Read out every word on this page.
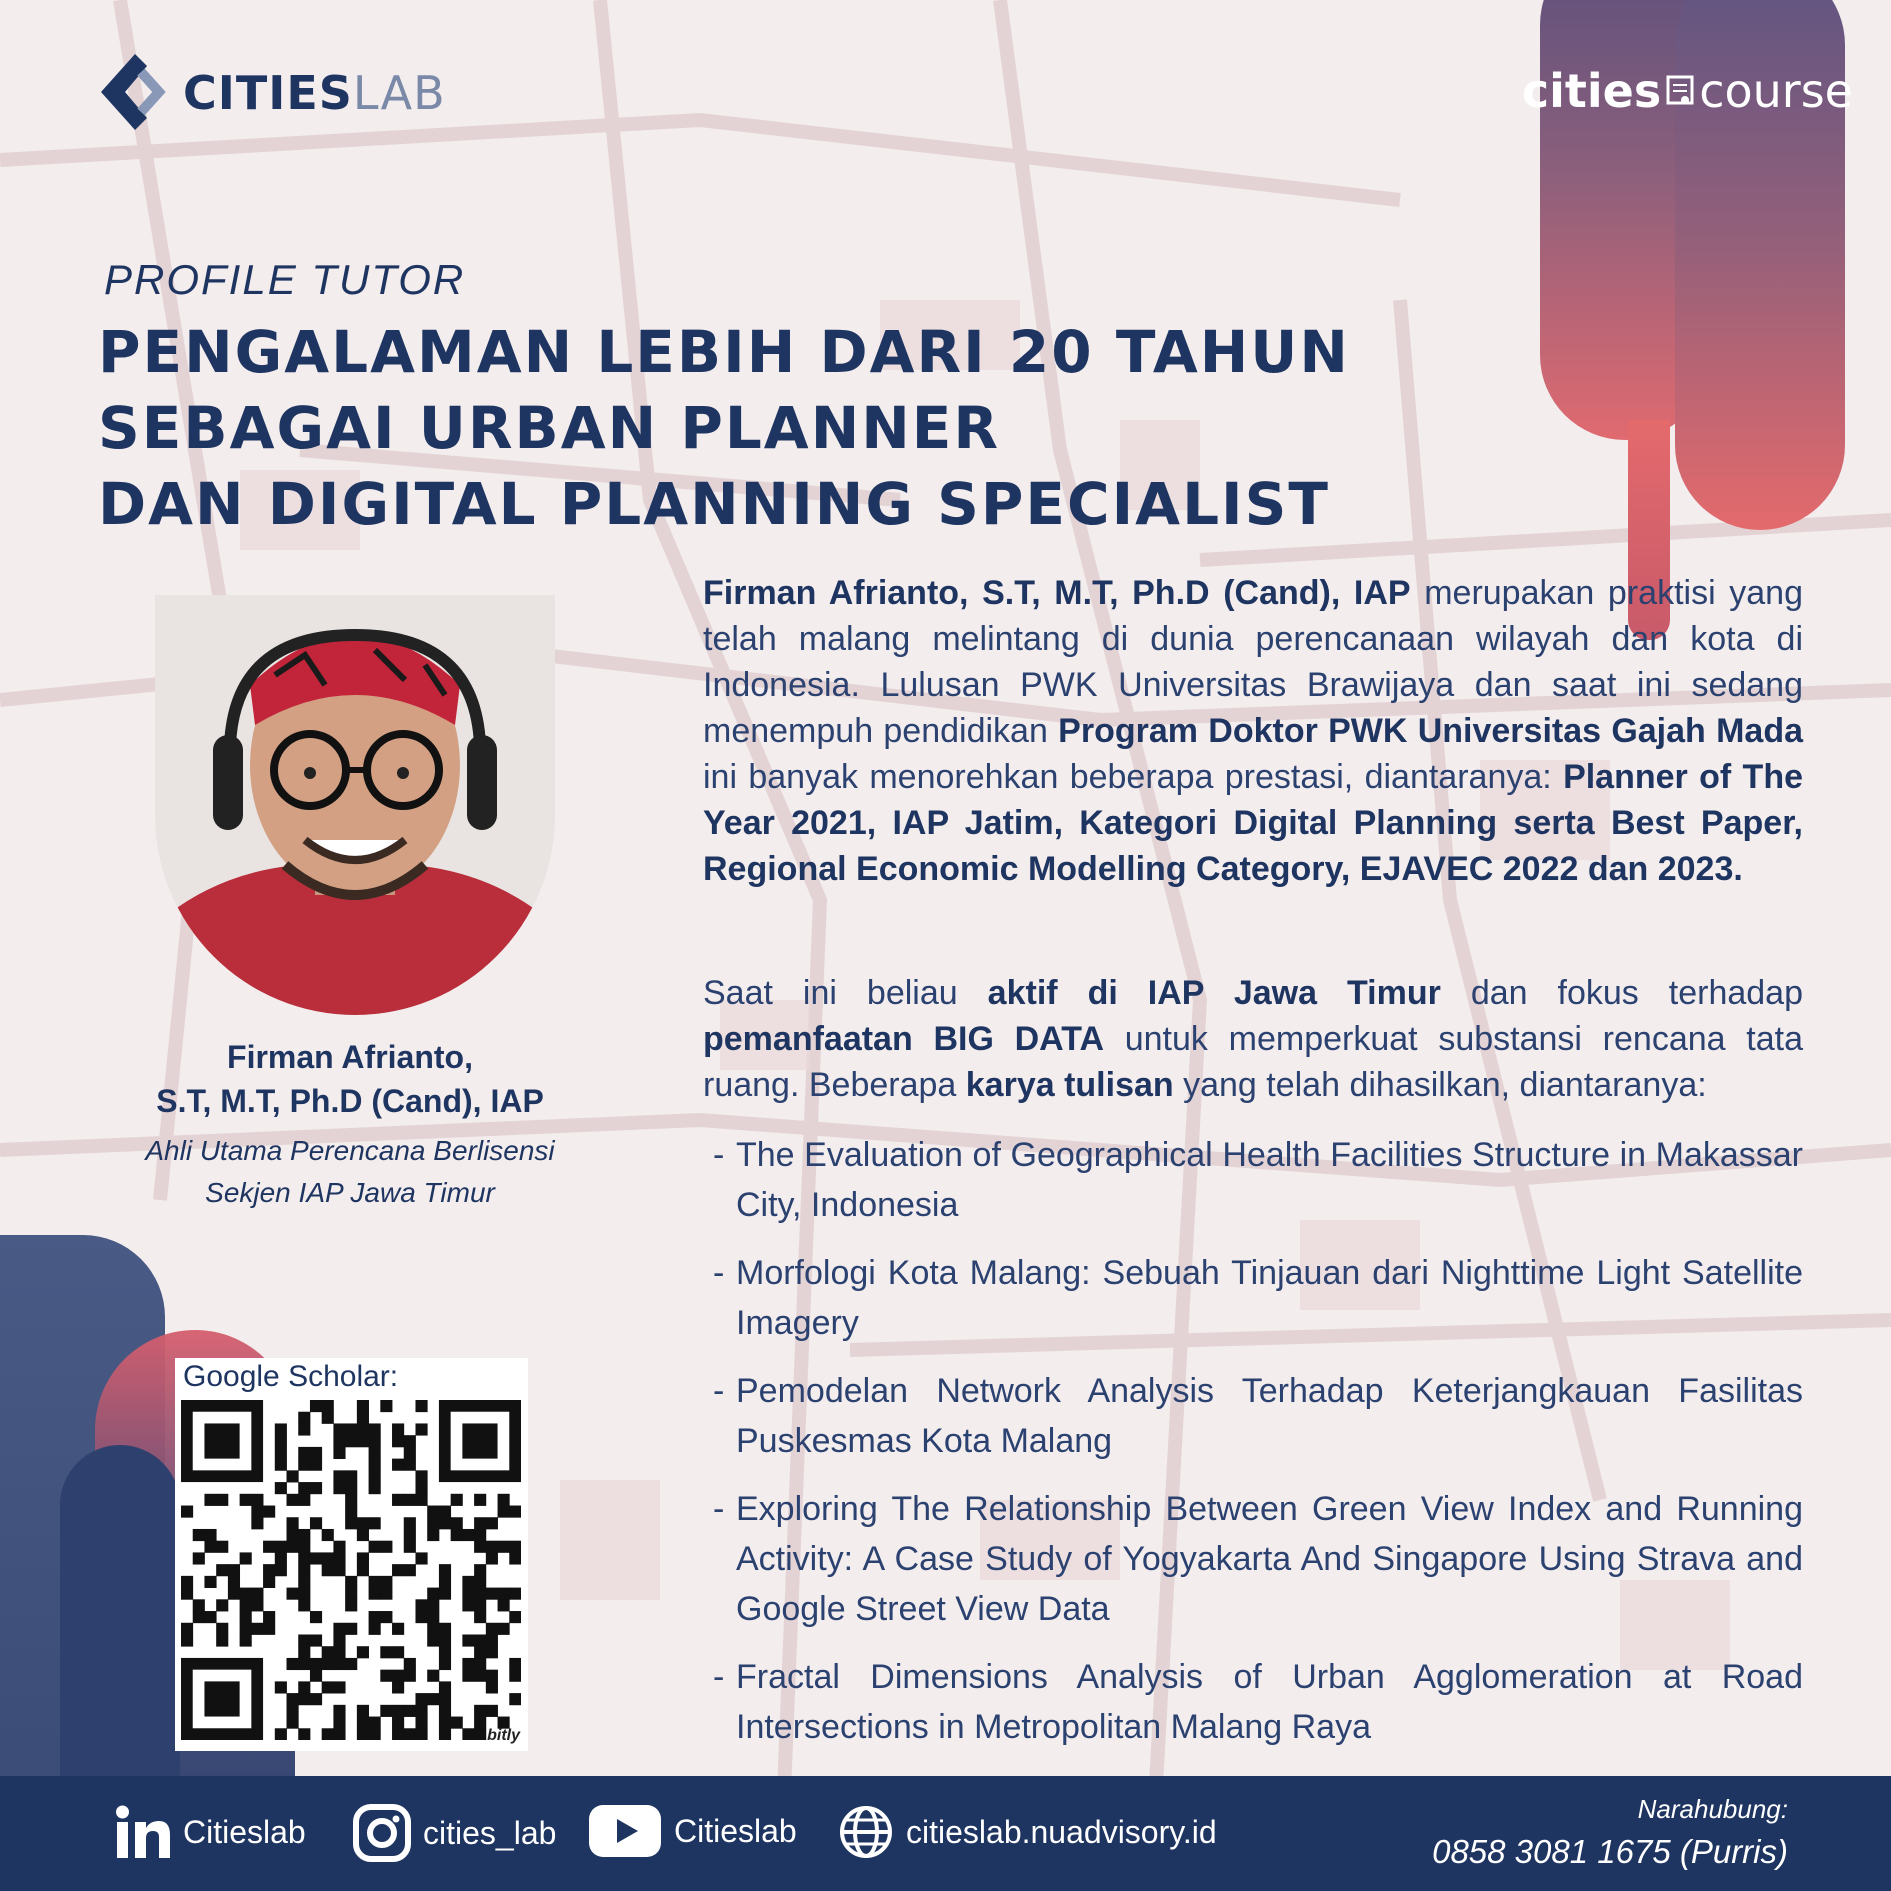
CITIESLAB	cities course
PROFILE TUTOR
PENGALAMAN LEBIH DARI 20 TAHUN
SEBAGAI URBAN PLANNER
DAN DIGITAL PLANNING SPECIALIST
Firman Afrianto,
S.T, M.T, Ph.D (Cand), IAP
Ahli Utama Perencana Berlisensi
Sekjen IAP Jawa Timur
Firman Afrianto, S.T, M.T, Ph.D (Cand), IAP merupakan praktisi yang telah malang melintang di dunia perencanaan wilayah dan kota di Indonesia. Lulusan PWK Universitas Brawijaya dan saat ini sedang menempuh pendidikan Program Doktor PWK Universitas Gajah Mada ini banyak menorehkan beberapa prestasi, diantaranya: Planner of The Year 2021, IAP Jatim, Kategori Digital Planning serta Best Paper, Regional Economic Modelling Category, EJAVEC 2022 dan 2023.
Saat ini beliau aktif di IAP Jawa Timur dan fokus terhadap pemanfaatan BIG DATA untuk memperkuat substansi rencana tata ruang. Beberapa karya tulisan yang telah dihasilkan, diantaranya:
- The Evaluation of Geographical Health Facilities Structure in Makassar City, Indonesia
- Morfologi Kota Malang: Sebuah Tinjauan dari Nighttime Light Satellite Imagery
- Pemodelan Network Analysis Terhadap Keterjangkauan Fasilitas Puskesmas Kota Malang
- Exploring The Relationship Between Green View Index and Running Activity: A Case Study of Yogyakarta And Singapore Using Strava and Google Street View Data
- Fractal Dimensions Analysis of Urban Agglomeration at Road Intersections in Metropolitan Malang Raya
Google Scholar:
bitly
Citieslab	cities_lab	Citieslab	citieslab.nuadvisory.id
Narahubung:
0858 3081 1675 (Purris)
